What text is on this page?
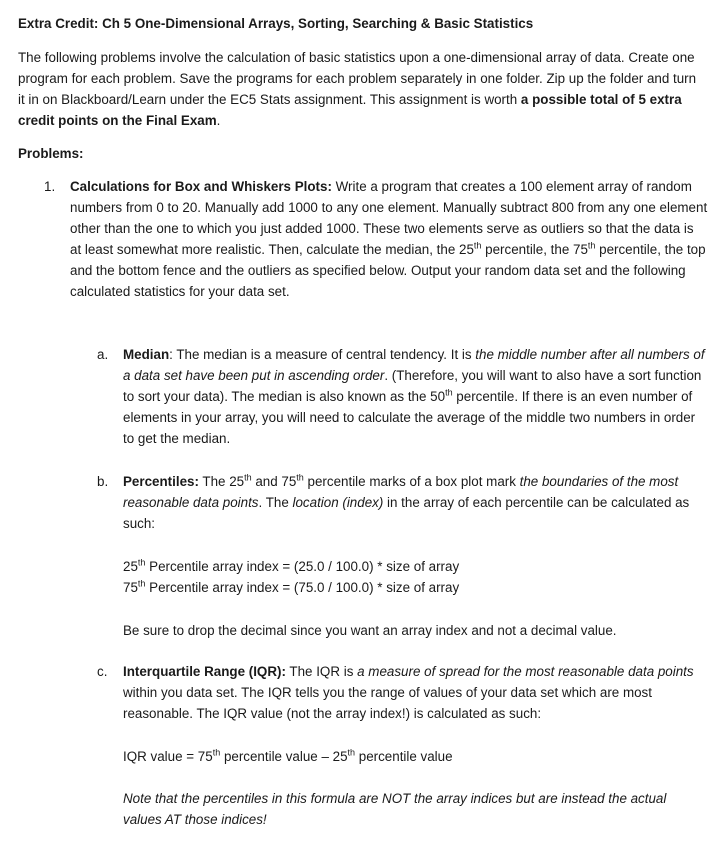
Extra Credit: Ch 5 One-Dimensional Arrays, Sorting, Searching & Basic Statistics
The following problems involve the calculation of basic statistics upon a one-dimensional array of data. Create one program for each problem. Save the programs for each problem separately in one folder. Zip up the folder and turn it in on Blackboard/Learn under the EC5 Stats assignment. This assignment is worth a possible total of 5 extra credit points on the Final Exam.
Problems:
1. Calculations for Box and Whiskers Plots: Write a program that creates a 100 element array of random numbers from 0 to 20. Manually add 1000 to any one element. Manually subtract 800 from any one element other than the one to which you just added 1000. These two elements serve as outliers so that the data is at least somewhat more realistic. Then, calculate the median, the 25th percentile, the 75th percentile, the top and the bottom fence and the outliers as specified below. Output your random data set and the following calculated statistics for your data set.
a. Median: The median is a measure of central tendency. It is the middle number after all numbers of a data set have been put in ascending order. (Therefore, you will want to also have a sort function to sort your data). The median is also known as the 50th percentile. If there is an even number of elements in your array, you will need to calculate the average of the middle two numbers in order to get the median.
b. Percentiles: The 25th and 75th percentile marks of a box plot mark the boundaries of the most reasonable data points. The location (index) in the array of each percentile can be calculated as such:
25th Percentile array index = (25.0 / 100.0) * size of array
75th Percentile array index = (75.0 / 100.0) * size of array
Be sure to drop the decimal since you want an array index and not a decimal value.
c. Interquartile Range (IQR): The IQR is a measure of spread for the most reasonable data points within you data set. The IQR tells you the range of values of your data set which are most reasonable. The IQR value (not the array index!) is calculated as such:
IQR value = 75th percentile value – 25th percentile value
Note that the percentiles in this formula are NOT the array indices but are instead the actual values AT those indices!
